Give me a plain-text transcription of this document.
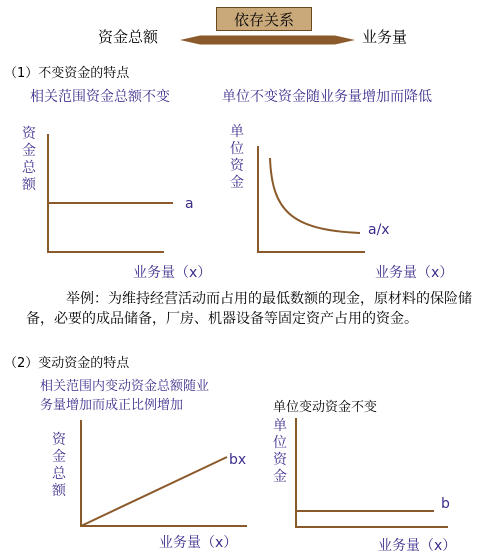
资金总额
依存关系
业务量
（1）不变资金的特点
相关范围资金总额不变	单位不变资金随业务量增加而降低
资
金
总
额
a
业务量（x）
单
位
资
金
a/x
业务量（x）
举例：为维持经营活动而占用的最低数额的现金，原材料的保险储备，必要的成品储备，厂房、机器设备等固定资产占用的资金。
（2）变动资金的特点
相关范围内变动资金总额随业
务量增加而成正比例增加	单位变动资金不变
资
金
总
额
bx
业务量（x）
单
位
资
金
b
业务量（x）
